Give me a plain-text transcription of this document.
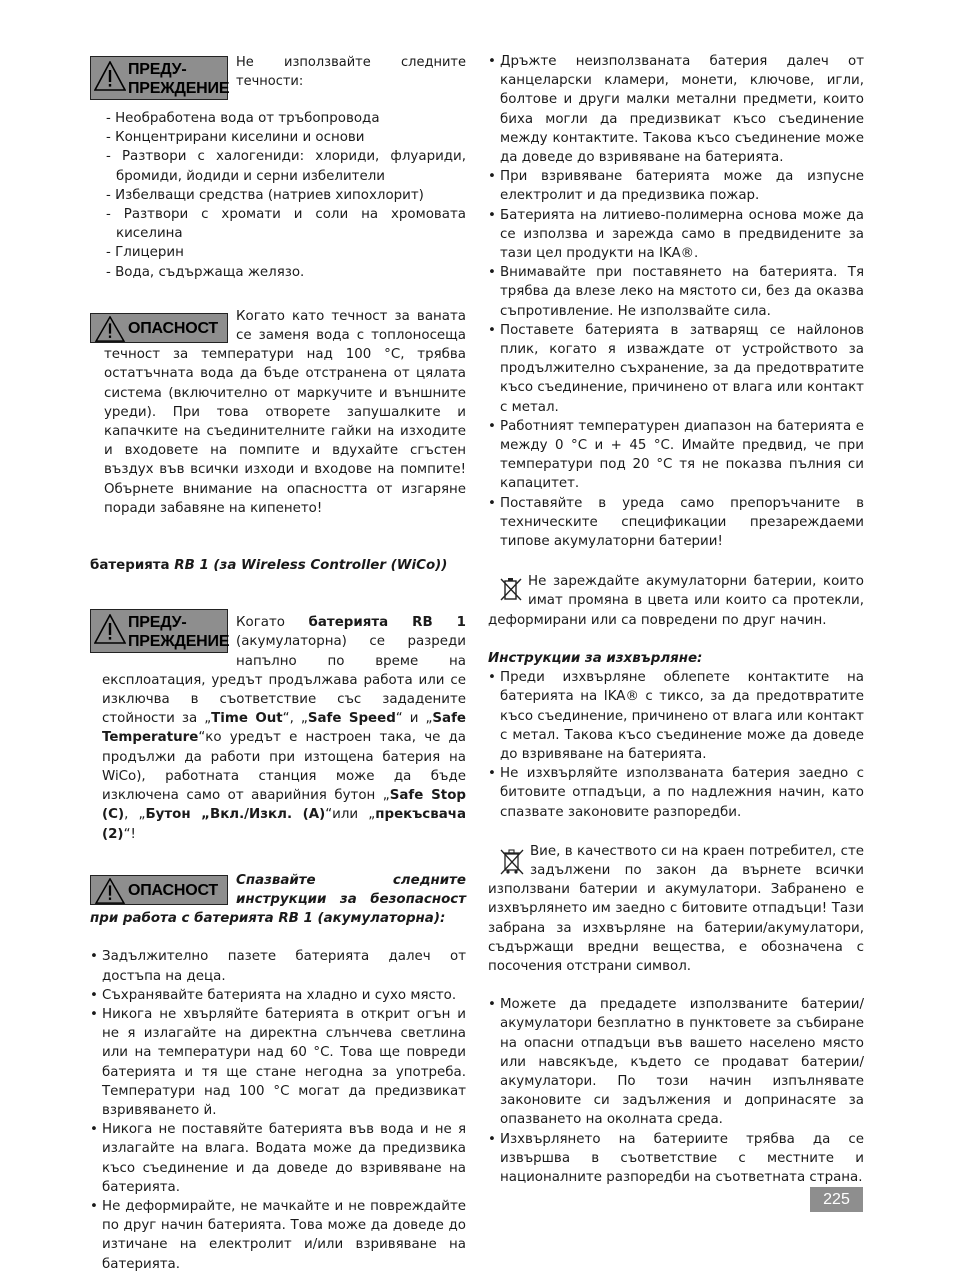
ПРЕДУ-
ПРЕЖДЕНИЕ

Не използвайте следните течности:

- Необработена вода от тръбопровода

- Концентрирани киселини и основи

- Разтвори с халогениди: хлориди, флуариди, бромиди, йодиди и серни избелители

- Избелващи средства (натриев хипохлорит)

- Разтвори с хромати и соли на хромовата киселина

- Глицерин

- Вода, съдържаща желязо.

ОПАСНОСТ

Когато като течност за ваната се заменя вода с топлоносеща течност за температури над 100 °C, трябва остатъчната вода да бъде отстранена от цялата система (включително от маркучите и външните уреди). При това отворете запушалките и капачките на съединителните гайки на изходите и входовете на помпите и вдухайте сгъстен въздух във всички изходи и входове на помпите! Обърнете внимание на опасността от изгаряне поради забавяне на кипенето!

батерията RB 1 (за Wireless Controller (WiCo))
ПРЕДУ-
ПРЕЖДЕНИЕ

Когато батерията RB 1 (акумулаторна) се разреди напълно по време на експлоатация, уредът продължава работа или се изключва в съответствие със зададените стойности за „Time Out“, „Safe Speed“ и „Safe Temperature“ко уредът е настроен така, че да продължи да работи при изтощена батерия на WiCo), работната станция може да бъде изключена само от аварийния бутон „Safe Stop (C), „Бутон „Вкл./Изкл. (A)“или „прекъсвача (2)“!

ОПАСНОСТ

Спазвайте следните инструкции за безопасност при работа с батерията RB 1 (акумулаторна):

• Задължително пазете батерията далеч от достъпа на деца.

• Съхранявайте батерията на хладно и сухо място.

• Никога не хвърляйте батерията в открит огън и не я излагайте на директна слънчева светлина или на температури над 60 °C. Това ще повреди батерията и тя ще стане негодна за употреба. Температури над 100 °C могат да предизвикат взривяването й.

• Никога не поставяйте батерията във вода и не я излагайте на влага. Водата може да предизвика късо съединение и да доведе до взривяване на батерията.

• Не деформирайте, не мачкайте и не повреждайте по друг начин батерията. Това може да доведе до изтичане на електролит и/или взривяване на батерията.

• Дръжте неизползваната батерия далеч от канцеларски кламери, монети, ключове, игли, болтове и други малки метални предмети, които биха могли да предизвикат късо съединение между контактите. Такова късо съединение може да доведе до взривяване на батерията.

• При взривяване батерията може да изпусне електролит и да предизвика пожар.

• Батерията на литиево-полимерна основа може да се използва и зарежда само в предвидените за тази цел продукти на IKA®.

• Внимавайте при поставянето на батерията. Тя трябва да влезе леко на мястото си, без да оказва съпротивление. Не използвайте сила.

• Поставете батерията в затварящ се найлонов плик, когато я изваждате от устройството за продължително съхранение, за да предотвратите късо съединение, причинено от влага или контакт с метал.

• Работният температурен диапазон на батерията е между 0 °C и + 45 °C. Имайте предвид, че при температури под 20 °C тя не показва пълния си капацитет.

• Поставяйте в уреда само препоръчаните в техническите спецификации презареждаеми типове акумулаторни батерии!

Не зареждайте акумулаторни батерии, които имат промяна в цвета или които са протекли, деформирани или са повредени по друг начин.

Инструкции за изхвърляне:

• Преди изхвърляне облепете контактите на батерията на IKA® с тиксо, за да предотвратите късо съединение, причинено от влага или контакт с метал. Такова късо съединение може да доведе до взривяване на батерията.

• Не изхвърляйте използваната батерия заедно с битовите отпадъци, а по надлежния начин, като спазвате законовите разпоредби.

Вие, в качеството си на краен потребител, сте задължени по закон да върнете всички използвани батерии и акумулатори. Забранено е изхвърлянето им заедно с битовите отпадъци! Тази забрана за изхвърляне на батерии/акумулатори, съдържащи вредни вещества, е обозначена с посочения отстрани символ.

• Можете да предадете използваните батерии/акумулатори безплатно в пунктовете за събиране на опасни отпадъци във вашето населено място или навсякъде, където се продават батерии/акумулатори. По този начин изпълнявате законовите си задължения и допринасяте за опазването на околната среда.

• Изхвърлянето на батериите трябва да се извършва в съответствие с местните и националните разпоредби на съответната страна.

225
